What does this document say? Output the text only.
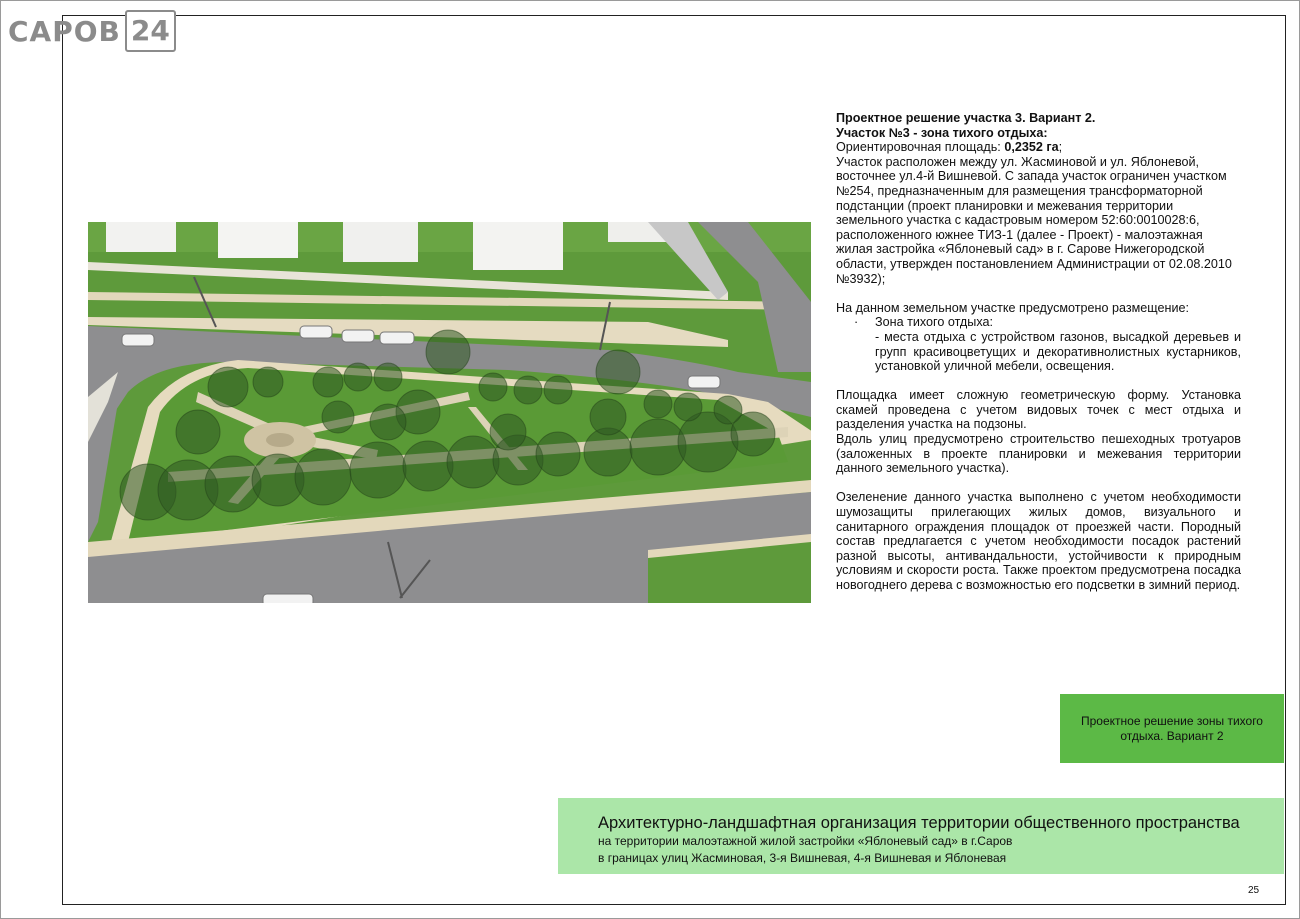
САРОВ 24

Проектное решение участка 3. Вариант 2.

Участок №3 - зона тихого отдыха:

Ориентировочная площадь: 0,2352 га;

Участок расположен между ул. Жасминовой и ул. Яблоневой,

восточнее ул.4-й Вишневой. С запада участок ограничен участком

№254, предназначенным для размещения трансформаторной

подстанции (проект планировки и межевания территории

земельного участка с кадастровым номером 52:60:0010028:6,

расположенного южнее ТИЗ-1 (далее - Проект) - малоэтажная

жилая застройка «Яблоневый сад» в г. Сарове Нижегородской

области, утвержден постановлением Администрации от 02.08.2010

№3932);

На данном земельном участке предусмотрено размещение:

·	Зона тихого отдыха:

- места отдыха с устройством газонов, высадкой деревьев и групп красивоцветущих и декоративнолистных кустарников, установкой уличной мебели, освещения.

Площадка имеет сложную геометрическую форму. Установка скамей проведена с учетом видовых точек с мест отдыха и разделения участка на подзоны.

Вдоль улиц предусмотрено строительство пешеходных тротуаров (заложенных в проекте планировки и межевания территории данного земельного участка).

Озеленение данного участка выполнено с учетом необходимости шумозащиты прилегающих жилых домов, визуального и санитарного ограждения площадок от проезжей части. Породный состав предлагается с учетом необходимости посадок растений разной высоты, антивандальности, устойчивости к природным условиям и скорости роста. Также проектом предусмотрена посадка новогоднего дерева с возможностью его подсветки в зимний период.

Проектное решение зоны тихого отдыха. Вариант 2
Архитектурно-ландшафтная организация территории общественного пространства
на территории малоэтажной жилой застройки «Яблоневый сад» в г.Саров
в границах улиц Жасминовая, 3-я Вишневая, 4-я Вишневая и Яблоневая
25
